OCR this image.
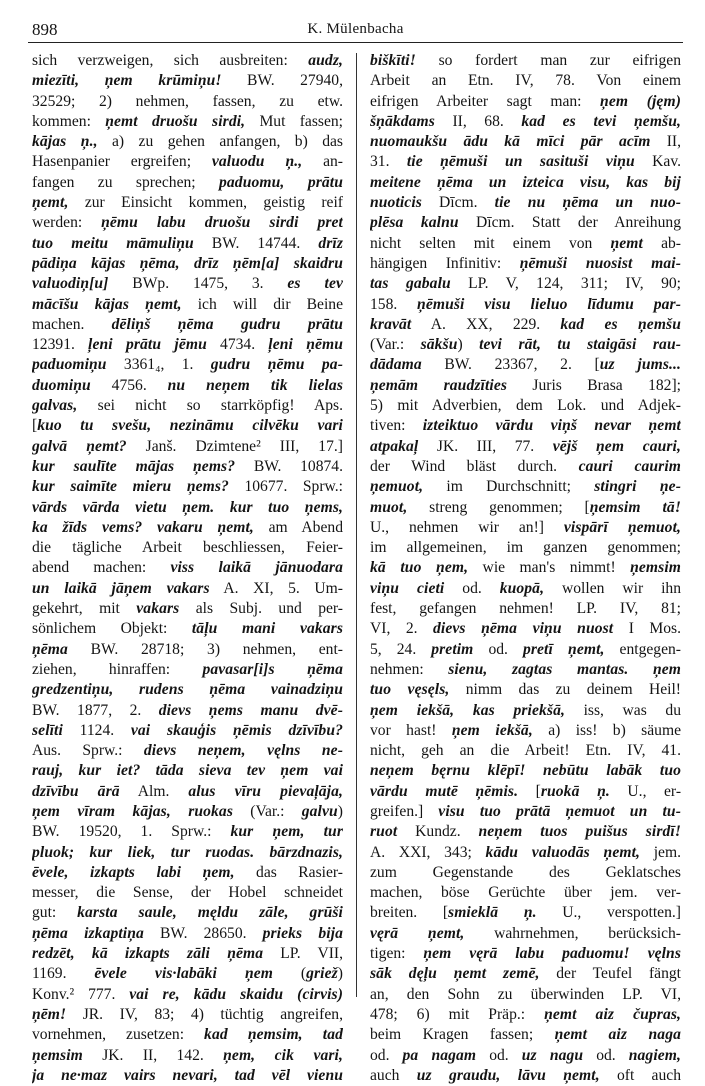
898	K. Mülenbacha
sich verzweigen, sich ausbreiten: audz,
miezīti, ņem krūmiņu! BW. 27940,
32529; 2) nehmen, fassen, zu etw.
kommen: ņemt druošu sirdi, Mut fassen;
kājas ņ., a) zu gehen anfangen, b) das
Hasenpanier ergreifen; valuodu ņ., an-
fangen zu sprechen; paduomu, prātu
ņemt, zur Einsicht kommen, geistig reif
werden: ņēmu labu druošu sirdi pret
tuo meitu māmuliņu BW. 14744. drīz
pādiņa kājas ņēma, drīz ņēm[a] skaidru
valuodiņ[u] BWp. 1475, 3. es tev
mācīšu kājas ņemt, ich will dir Beine
machen. dēliņš ņēma gudru prātu
12391. ļeni prātu jēmu 4734. ļeni ņēmu
paduomiņu 3361₄, 1. gudru ņēmu pa-
duomiņu 4756. nu neņem tik lielas
galvas, sei nicht so starrköpfig! Aps.
[kuo tu svešu, nezināmu cilvēku vari
galvā ņemt? Janš. Dzimtene² III, 17.]
kur saulīte mājas ņems? BW. 10874.
kur saimīte mieru ņems? 10677. Sprw.:
vārds vārda vietu ņem. kur tuo ņems,
ka žīds vems? vakaru ņemt, am Abend
die tägliche Arbeit beschliessen, Feier-
abend machen: viss laikā jānuodara
un laikā jāņem vakars A. XI, 5. Um-
gekehrt, mit vakars als Subj. und per-
sönlichem Objekt: tāļu mani vakars
ņēma BW. 28718; 3) nehmen, ent-
ziehen, hinraffen: pavasar[i]s ņēma
gredzentiņu, rudens ņēma vainadziņu
BW. 1877, 2. dievs ņems manu dvē-
selīti 1124. vai skauģis ņēmis dzīvību?
Aus. Sprw.: dievs neņem, vęlns ne-
rauj, kur iet? tāda sieva tev ņem vai
dzīvību ārā Alm. alus vīru pievaļāja,
ņem vīram kājas, ruokas (Var.: galvu)
BW. 19520, 1. Sprw.: kur ņem, tur
pluok; kur liek, tur ruodas. bārzdnazis,
ēvele, izkapts labi ņem, das Rasier-
messer, die Sense, der Hobel schneidet
gut: karsta saule, męldu zāle, grūši
ņēma izkaptiņa BW. 28650. prieks bija
redzēt, kā izkapts zāli ņēma LP. VII,
1169. ēvele vis·labāki ņem (griež)
Konv.² 777. vai re, kādu skaidu (cirvis)
ņēm! JR. IV, 83; 4) tüchtig angreifen,
vornehmen, zusetzen: kad ņemsim, tad
ņemsim JK. II, 142. ņem, cik vari,
ja ne·maz vairs nevari, tad vēl vienu
biškīti! so fordert man zur eifrigen
Arbeit an Etn. IV, 78. Von einem
eifrigen Arbeiter sagt man: ņem (jęm)
šņākdams II, 68. kad es tevi ņemšu,
nuomaukšu ādu kā mīci pār acīm II,
31. tie ņēmuši un sasituši viņu Kav.
meitene ņēma un izteica visu, kas bij
nuoticis Dīcm. tie nu ņēma un nuo-
plēsa kalnu Dīcm. Statt der Anreihung
nicht selten mit einem von ņemt ab-
hängigen Infinitiv: ņēmuši nuosist mai-
tas gabalu LP. V, 124, 311; IV, 90;
158. ņēmuši visu lieluo līdumu par-
kravāt A. XX, 229. kad es ņemšu
(Var.: sākšu) tevi rāt, tu staigāsi rau-
dādama BW. 23367, 2. [uz jums...
ņemām raudzīties Juris Brasa 182];
5) mit Adverbien, dem Lok. und Adjek-
tiven: izteiktuo vārdu viņš nevar ņemt
atpakaļ JK. III, 77. vējš ņem cauri,
der Wind bläst durch. cauri caurim
ņemuot, im Durchschnitt; stingri ņe-
muot, streng genommen; [ņemsim tā!
U., nehmen wir an!] vispārī ņemuot,
im allgemeinen, im ganzen genommen;
kā tuo ņem, wie man's nimmt! ņemsim
viņu cieti od. kuopā, wollen wir ihn
fest, gefangen nehmen! LP. IV, 81;
VI, 2. dievs ņēma viņu nuost I Mos.
5, 24. pretim od. pretī ņemt, entgegen-
nehmen: sienu, zagtas mantas. ņem
tuo vęsęls, nimm das zu deinem Heil!
ņem iekšā, kas priekšā, iss, was du
vor hast! ņem iekšā, a) iss! b) säume
nicht, geh an die Arbeit! Etn. IV, 41.
neņem bęrnu klēpī! nebūtu labāk tuo
vārdu mutē ņēmis. [ruokā ņ. U., er-
greifen.] visu tuo prātā ņemuot un tu-
ruot Kundz. neņem tuos puišus sirdī!
A. XXI, 343; kādu valuodās ņemt, jem.
zum Gegenstande des Geklatsches
machen, böse Gerüchte über jem. ver-
breiten. [smieklā ņ. U., verspotten.]
vęrā ņemt, wahrnehmen, berücksich-
tigen: ņem vęrā labu paduomu! vęlns
sāk dęļu ņemt zemē, der Teufel fängt
an, den Sohn zu überwinden LP. VI,
478; 6) mit Präp.: ņemt aiz čupras,
beim Kragen fassen; ņemt aiz naga
od. pa nagam od. uz nagu od. nagiem,
auch uz graudu, lāvu ņemt, oft auch
